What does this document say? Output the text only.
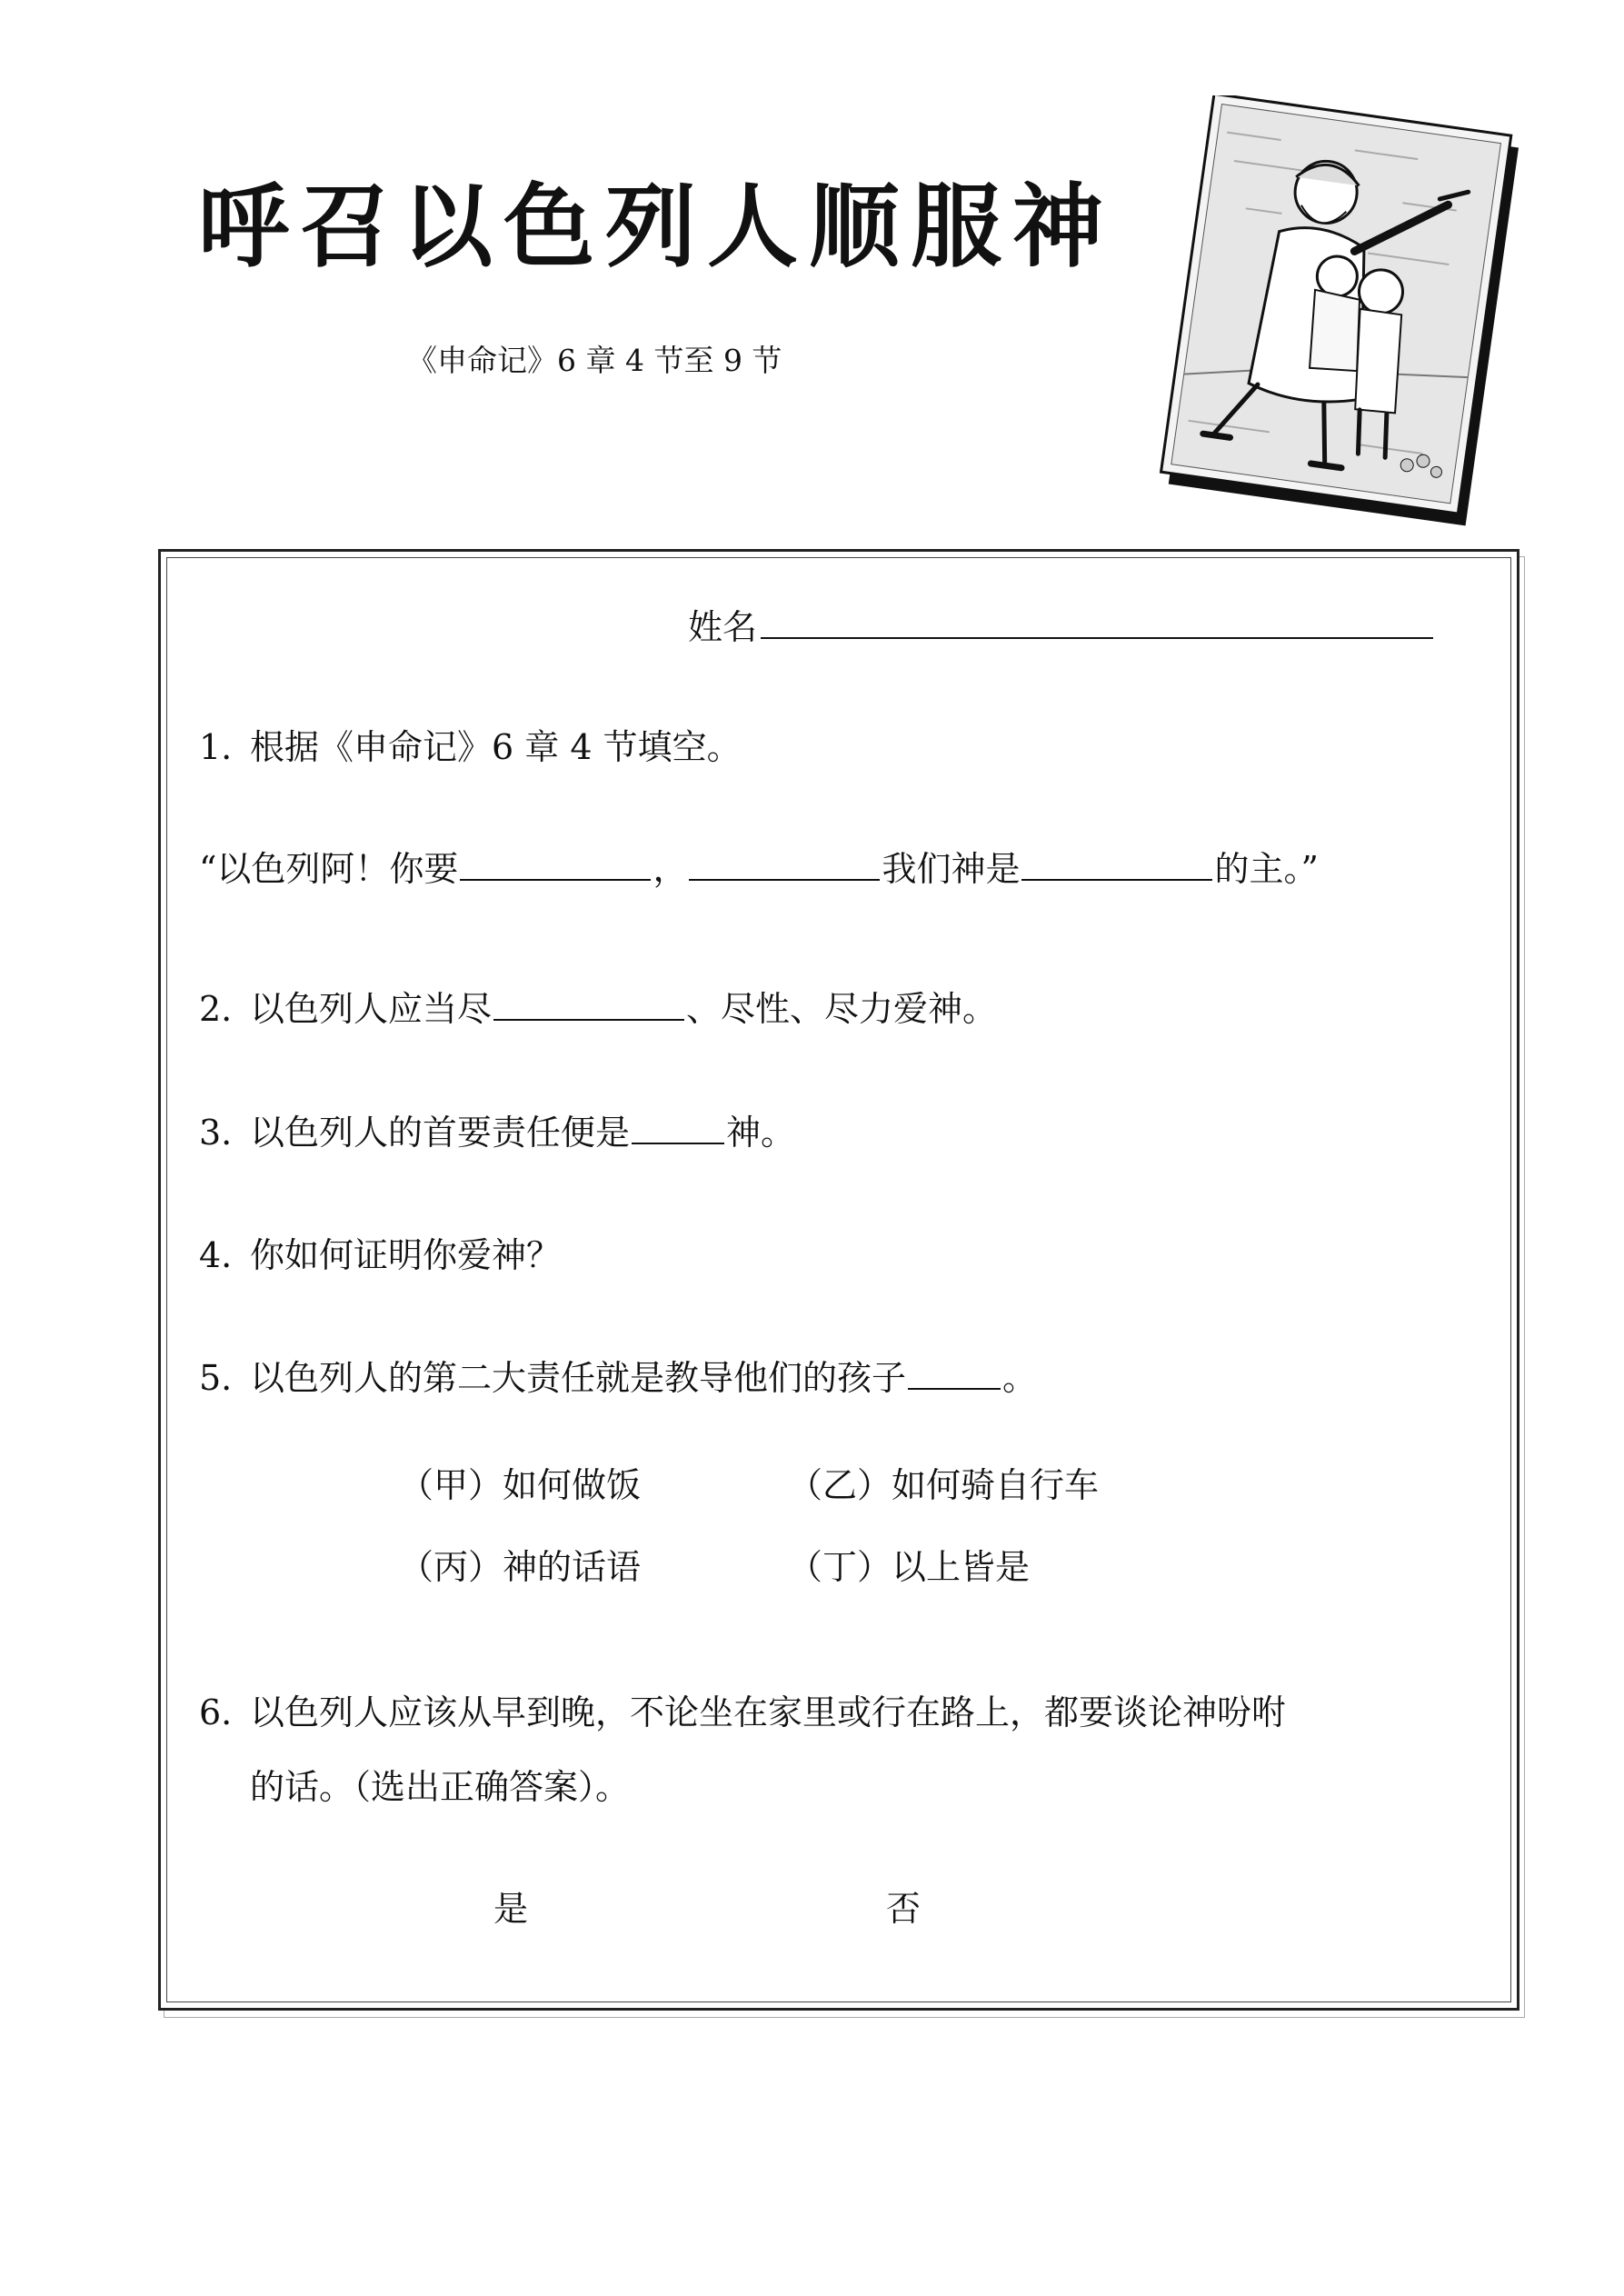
呼召以色列人顺服神

《申命记》6 章 4 节至 9 节

姓名
1. 根据《申命记》6 章 4 节填空。
“以色列阿！你要	，	我们神是	的主。”
2. 以色列人应当尽	、尽性、尽力爱神。
3. 以色列人的首要责任便是	神。
4. 你如何证明你爱神？
5. 以色列人的第二大责任就是教导他们的孩子	。
（甲）如何做饭	（乙）如何骑自行车
（丙）神的话语	（丁）以上皆是
6. 以色列人应该从早到晚，不论坐在家里或行在路上，都要谈论神吩咐
的话。（选出正确答案）。
是	否
